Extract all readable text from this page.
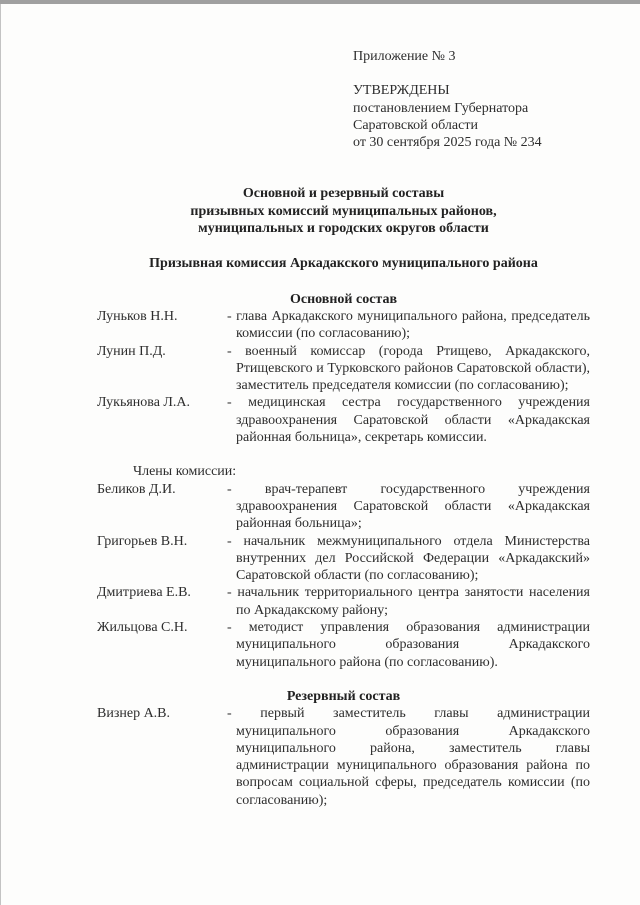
Приложение № 3
УТВЕРЖДЕНЫ
постановлением Губернатора
Саратовской области
от 30 сентября 2025 года № 234
Основной и резервный составы
призывных комиссий муниципальных районов,
муниципальных и городских округов области
Призывная комиссия Аркадакского муниципального района
Основной состав
Луньков Н.Н.	- глава Аркадакского муниципального района, председатель комиссии (по согласованию);
Лунин П.Д.	- военный комиссар (города Ртищево, Аркадакского, Ртищевского и Турковского районов Саратовской области), заместитель председателя комиссии (по согласованию);
Лукьянова Л.А.	- медицинская сестра государственного учреждения здравоохранения Саратовской области «Аркадакская районная больница», секретарь комиссии.
Члены комиссии:
Беликов Д.И.	- врач-терапевт государственного учреждения здравоохранения Саратовской области «Аркадакская районная больница»;
Григорьев В.Н.	- начальник межмуниципального отдела Министерства внутренних дел Российской Федерации «Аркадакский» Саратовской области (по согласованию);
Дмитриева Е.В.	- начальник территориального центра занятости населения по Аркадакскому району;
Жильцова С.Н.	- методист управления образования администрации муниципального образования Аркадакского муниципального района (по согласованию).
Резервный состав
Визнер А.В.	- первый заместитель главы администрации муниципального образования Аркадакского муниципального района, заместитель главы администрации муниципального образования района по вопросам социальной сферы, председатель комиссии (по согласованию);
